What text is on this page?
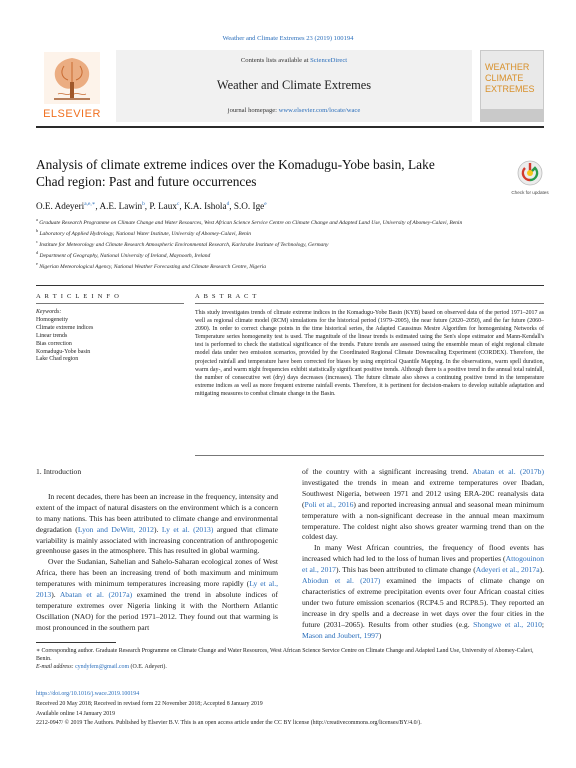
Weather and Climate Extremes 23 (2019) 100194
ELSEVIER
Contents lists available at ScienceDirect
Weather and Climate Extremes
journal homepage: www.elsevier.com/locate/wace
WEATHER
CLIMATE
EXTREMES
Analysis of climate extreme indices over the Komadugu-Yobe basin, Lake Chad region: Past and future occurrences
Check for updates
O.E. Adeyeri$^{a,e,∗}$, A.E. Lawin$^b$, P. Laux$^c$, K.A. Ishola$^d$, S.O. Ige$^e$
$^a$ Graduate Research Programme on Climate Change and Water Resources, West African Science Service Centre on Climate Change and Adapted Land Use, University of Abomey-Calavi, Benin
$^b$ Laboratory of Applied Hydrology, National Water Institute, University of Abomey-Calavi, Benin
$^c$ Institute for Meteorology and Climate Research Atmospheric Environmental Research, Karlsruhe Institute of Technology, Germany
$^d$ Department of Geography, National University of Ireland, Maynooth, Ireland
$^e$ Nigerian Meteorological Agency, National Weather Forecasting and Climate Research Centre, Nigeria
A R T I C L E I N F O	A B S T R A C T
Keywords:
Homogeneity
Climate extreme indices
Linear trends
Bias correction
Komadugu-Yobe basin
Lake Chad region
This study investigates trends of climate extreme indices in the Komadugu-Yobe Basin (KYB) based on observed data of the period 1971–2017 as well as regional climate model (RCM) simulations for the historical period (1979–2005), the near future (2020–2050), and the far future (2060–2090). In order to correct change points in the time historical series, the Adapted Caussinus Mestre Algorithm for homogenising Networks of Temperature series homogeneity test is used. The magnitude of the linear trends is estimated using the Sen's slope estimator and Mann-Kendall's test is performed to check the statistical significance of the trends. Future trends are assessed using the ensemble mean of eight regional climate model data under two emission scenarios, provided by the Coordinated Regional Climate Downscaling Experiment (CORDEX). Therefore, the projected rainfall and temperature have been corrected for biases by using empirical Quantile Mapping. In the observations, warm spell duration, warm day-, and warm night frequencies exhibit statistically significant positive trends. Although there is a positive trend in the annual total rainfall, the number of consecutive wet (dry) days decreases (increases). The future climate also shows a continuing positive trend in the temperature extreme indices as well as more frequent extreme rainfall events. Therefore, it is pertinent for decision-makers to develop suitable adaptation and mitigating measures to combat climate change in the Basin.
1. Introduction
In recent decades, there has been an increase in the frequency, intensity and extent of the impact of natural disasters on the environment which is a concern to many nations. This has been attributed to climate change and environmental degradation (Lyon and DeWitt, 2012). Ly et al. (2013) argued that climate variability is mainly associated with increasing concentration of anthropogenic greenhouse gases in the atmosphere. This has resulted in global warming.
Over the Sudanian, Sahelian and Sahelo-Saharan ecological zones of West Africa, there has been an increasing trend of both maximum and minimum temperatures with minimum temperatures increasing more rapidly (Ly et al., 2013). Abatan et al. (2017a) examined the trend in absolute indices of temperature extremes over Nigeria linking it with the Northern Atlantic Oscillation (NAO) for the period 1971–2012. They found out that warming is most pronounced in the southern part
of the country with a significant increasing trend. Abatan et al. (2017b) investigated the trends in mean and extreme temperatures over Ibadan, Southwest Nigeria, between 1971 and 2012 using ERA-20C reanalysis data (Poli et al., 2016) and reported increasing annual and seasonal mean minimum temperature with a non-significant decrease in the annual mean maximum temperature. The coldest night also shows greater warming trend than on the coldest day.
In many West African countries, the frequency of flood events has increased which had led to the loss of human lives and properties (Attogouinon et al., 2017). This has been attributed to climate change (Adeyeri et al., 2017a). Abiodun et al. (2017) examined the impacts of climate change on characteristics of extreme precipitation events over four African coastal cities under two future emission scenarios (RCP4.5 and RCP8.5). They reported an increase in dry spells and a decrease in wet days over the four cities in the future (2031–2065). Results from other studies (e.g. Shongwe et al., 2010; Mason and Joubert, 1997)
∗ Corresponding author. Graduate Research Programme on Climate Change and Water Resources, West African Science Service Centre on Climate Change and Adapted Land Use, University of Abomey-Calavi, Benin.
E-mail address: cyndyfem@gmail.com (O.E. Adeyeri).
https://doi.org/10.1016/j.wace.2019.100194
Received 20 May 2018; Received in revised form 22 November 2018; Accepted 8 January 2019
Available online 14 January 2019
2212-0947/ © 2019 The Authors. Published by Elsevier B.V. This is an open access article under the CC BY license (http://creativecommons.org/licenses/BY/4.0/).
